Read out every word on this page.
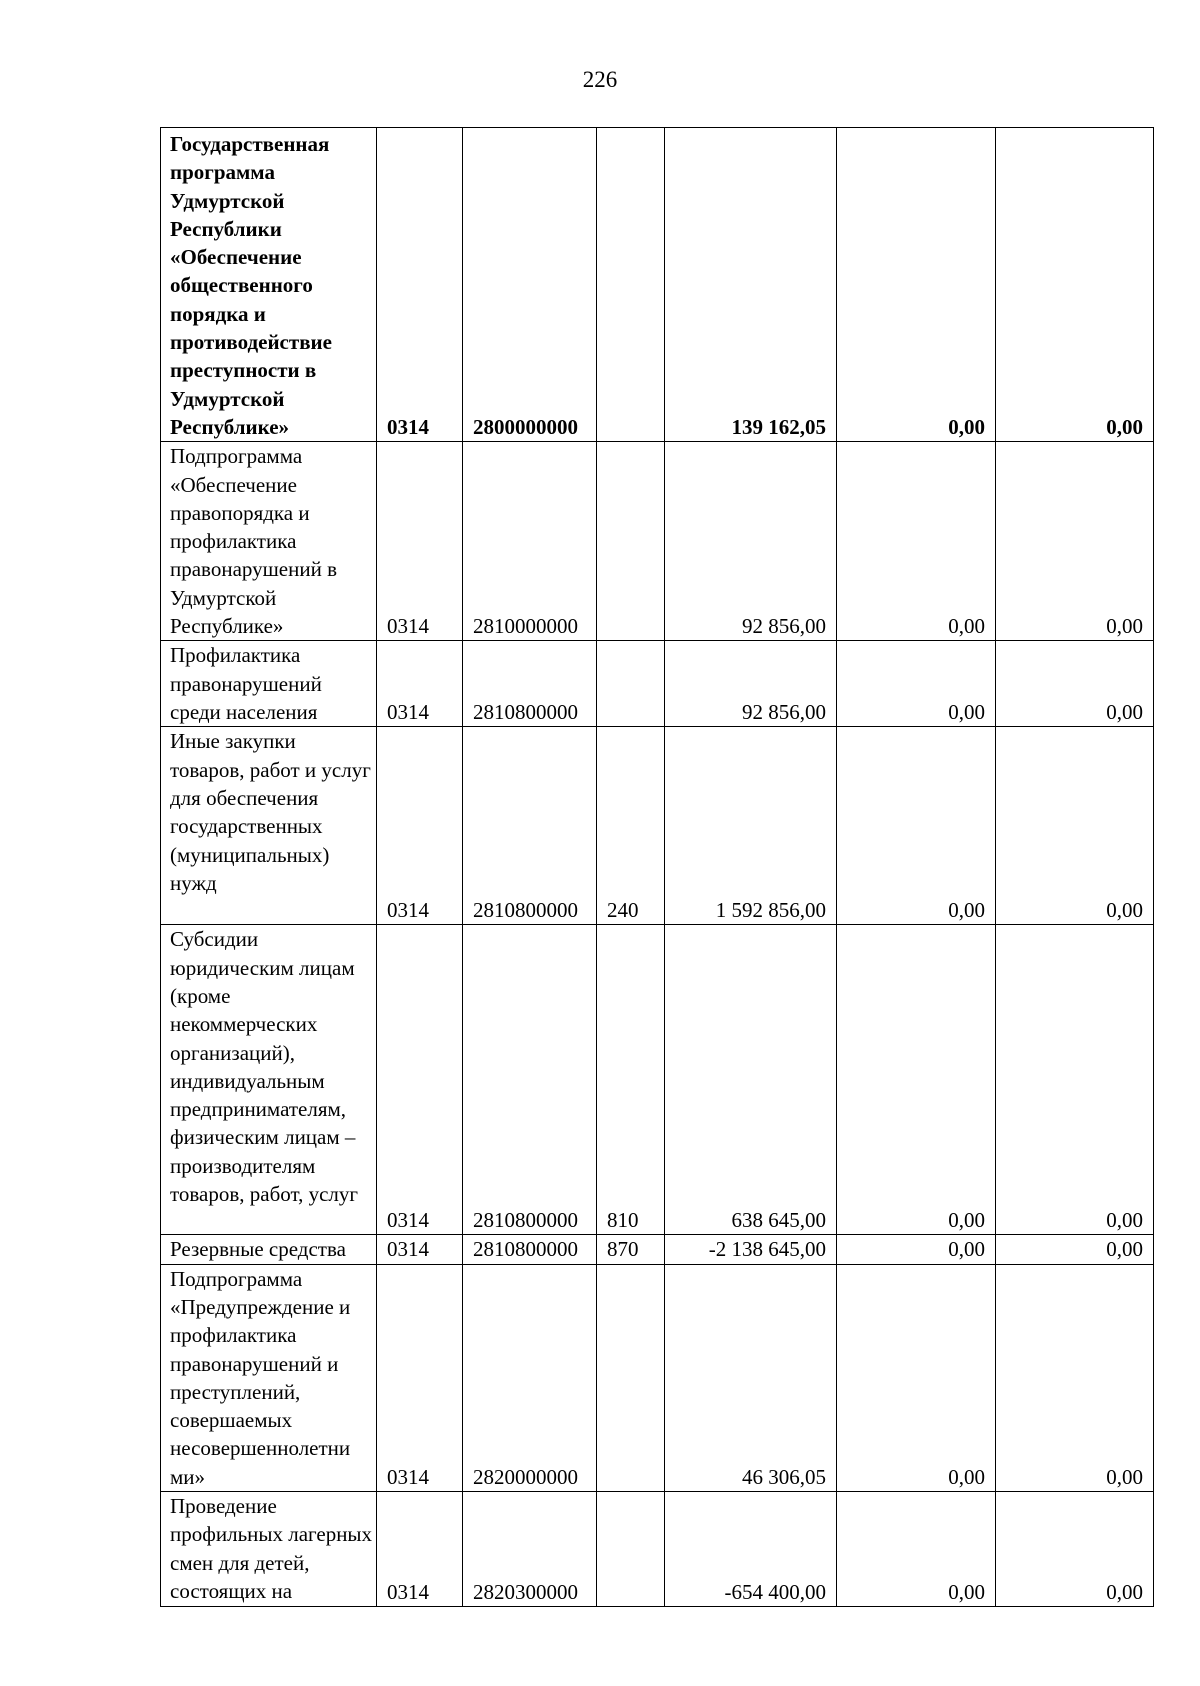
226
Государственная программа Удмуртской Республики «Обеспечение общественного порядка и противодействие преступности в Удмуртской Республике»	0314	2800000000		139 162,05	0,00	0,00
Подпрограмма «Обеспечение правопорядка и профилактика правонарушений в Удмуртской Республике»	0314	2810000000		92 856,00	0,00	0,00
Профилактика правонарушений среди населения	0314	2810800000		92 856,00	0,00	0,00
Иные закупки товаров, работ и услуг для обеспечения государственных (муниципальных) нужд	0314	2810800000	240	1 592 856,00	0,00	0,00
Субсидии юридическим лицам (кроме некоммерческих организаций), индивидуальным предпринимателям, физическим лицам – производителям товаров, работ, услуг	0314	2810800000	810	638 645,00	0,00	0,00
Резервные средства	0314	2810800000	870	-2 138 645,00	0,00	0,00
Подпрограмма «Предупреждение и профилактика правонарушений и преступлений, совершаемых несовершеннолетни ми»	0314	2820000000		46 306,05	0,00	0,00
Проведение профильных лагерных смен для детей, состоящих на	0314	2820300000		-654 400,00	0,00	0,00
